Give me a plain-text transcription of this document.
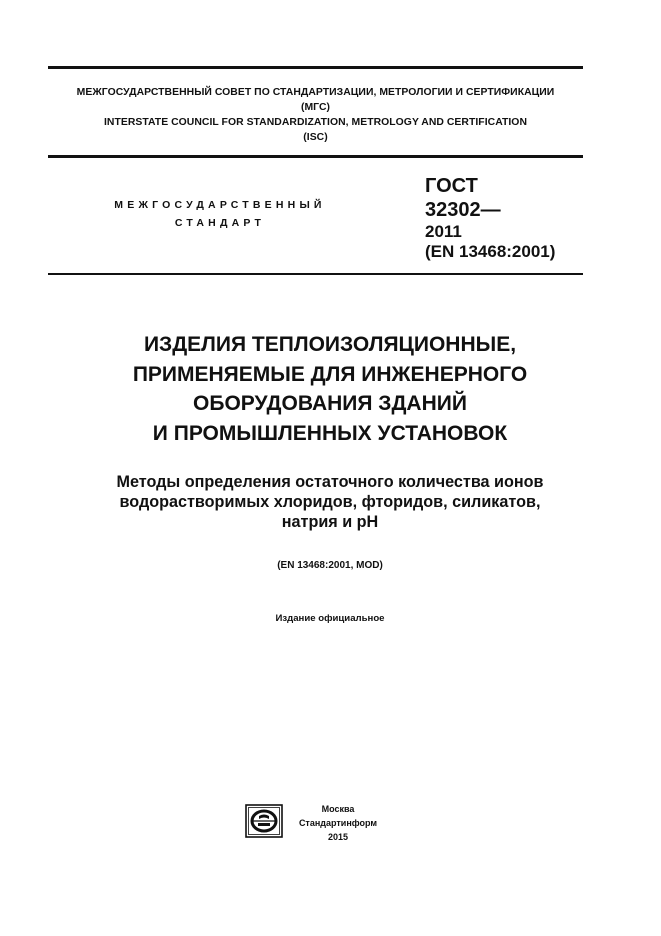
МЕЖГОСУДАРСТВЕННЫЙ СОВЕТ ПО СТАНДАРТИЗАЦИИ, МЕТРОЛОГИИ И СЕРТИФИКАЦИИ
(МГС)
INTERSTATE COUNCIL FOR STANDARDIZATION, METROLOGY AND CERTIFICATION
(ISC)
МЕЖГОСУДАРСТВЕННЫЙ
СТАНДАРТ
ГОСТ
32302—
2011
(EN 13468:2001)
ИЗДЕЛИЯ ТЕПЛОИЗОЛЯЦИОННЫЕ,
ПРИМЕНЯЕМЫЕ ДЛЯ ИНЖЕНЕРНОГО
ОБОРУДОВАНИЯ ЗДАНИЙ
И ПРОМЫШЛЕННЫХ УСТАНОВОК
Методы определения остаточного количества ионов
водорастворимых хлоридов, фторидов, силикатов,
натрия и pH
(EN 13468:2001, MOD)
Издание официальное
Москва
Стандартинформ
2015
